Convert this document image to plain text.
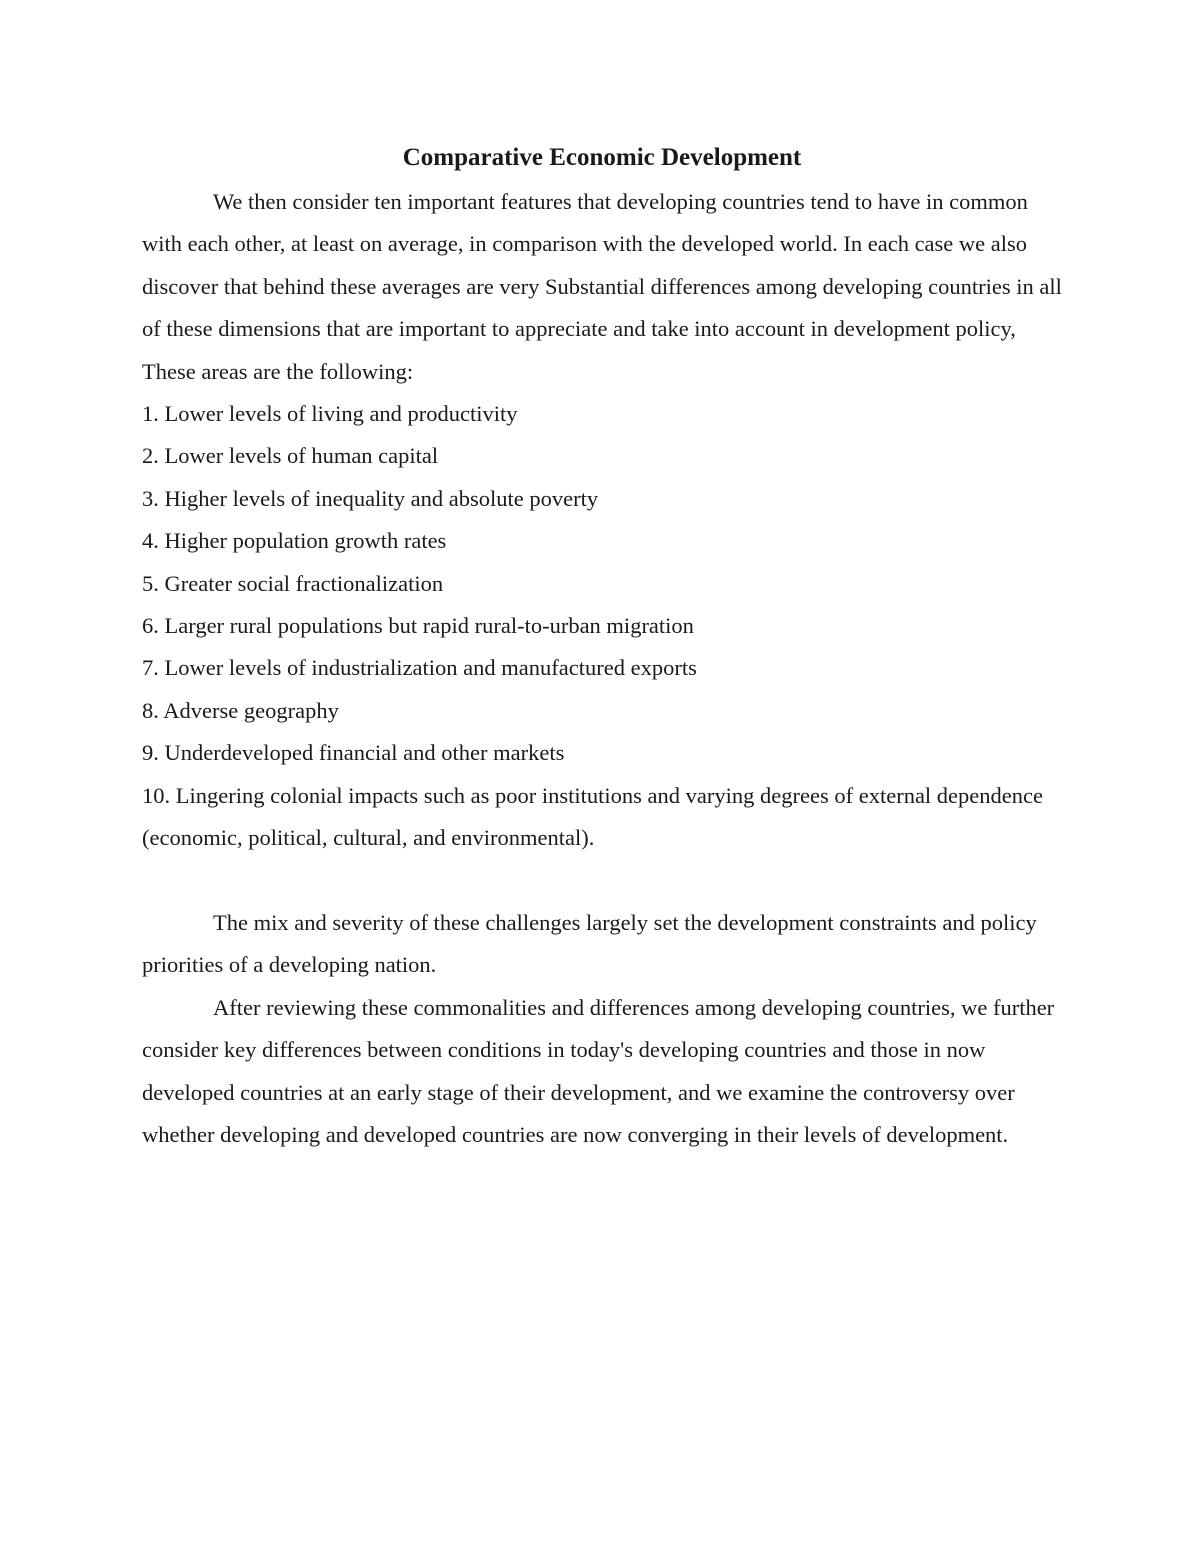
Comparative Economic Development

We then consider ten important features that developing countries tend to have in common with each other, at least on average, in comparison with the developed world. In each case we also discover that behind these averages are very Substantial differences among developing countries in all of these dimensions that are important to appreciate and take into account in development policy,

These areas are the following:

1. Lower levels of living and productivity
2. Lower levels of human capital
3. Higher levels of inequality and absolute poverty
4. Higher population growth rates
5. Greater social fractionalization
6. Larger rural populations but rapid rural-to-urban migration
7. Lower levels of industrialization and manufactured exports
8. Adverse geography
9. Underdeveloped financial and other markets
10. Lingering colonial impacts such as poor institutions and varying degrees of external dependence (economic, political, cultural, and environmental).

The mix and severity of these challenges largely set the development constraints and policy priorities of a developing nation.

After reviewing these commonalities and differences among developing countries, we further consider key differences between conditions in today's developing countries and those in now developed countries at an early stage of their development, and we examine the controversy over whether developing and developed countries are now converging in their levels of development.
